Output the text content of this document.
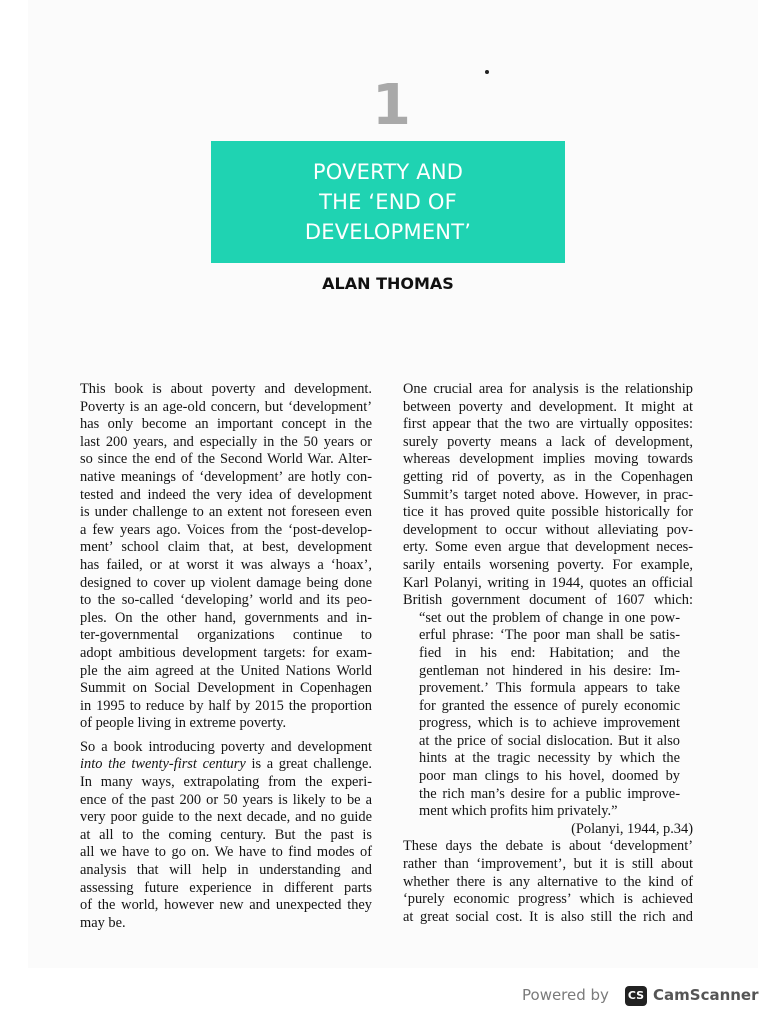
1
POVERTY AND
THE ‘END OF
DEVELOPMENT’
ALAN THOMAS
This book is about poverty and development.
Poverty is an age-old concern, but ‘development’
has only become an important concept in the
last 200 years, and especially in the 50 years or
so since the end of the Second World War. Alter-
native meanings of ‘development’ are hotly con-
tested and indeed the very idea of development
is under challenge to an extent not foreseen even
a few years ago. Voices from the ‘post-develop-
ment’ school claim that, at best, development
has failed, or at worst it was always a ‘hoax’,
designed to cover up violent damage being done
to the so-called ‘developing’ world and its peo-
ples. On the other hand, governments and in-
ter-governmental organizations continue to
adopt ambitious development targets: for exam-
ple the aim agreed at the United Nations World
Summit on Social Development in Copenhagen
in 1995 to reduce by half by 2015 the proportion
of people living in extreme poverty.
So a book introducing poverty and development
into the twenty-first century is a great challenge.
In many ways, extrapolating from the experi-
ence of the past 200 or 50 years is likely to be a
very poor guide to the next decade, and no guide
at all to the coming century. But the past is
all we have to go on. We have to find modes of
analysis that will help in understanding and
assessing future experience in different parts
of the world, however new and unexpected they
may be.
One crucial area for analysis is the relationship
between poverty and development. It might at
first appear that the two are virtually opposites:
surely poverty means a lack of development,
whereas development implies moving towards
getting rid of poverty, as in the Copenhagen
Summit’s target noted above. However, in prac-
tice it has proved quite possible historically for
development to occur without alleviating pov-
erty. Some even argue that development neces-
sarily entails worsening poverty. For example,
Karl Polanyi, writing in 1944, quotes an official
British government document of 1607 which:
“set out the problem of change in one pow-
erful phrase: ‘The poor man shall be satis-
fied in his end: Habitation; and the
gentleman not hindered in his desire: Im-
provement.’ This formula appears to take
for granted the essence of purely economic
progress, which is to achieve improvement
at the price of social dislocation. But it also
hints at the tragic necessity by which the
poor man clings to his hovel, doomed by
the rich man’s desire for a public improve-
ment which profits him privately.”
(Polanyi, 1944, p.34)
These days the debate is about ‘development’
rather than ‘improvement’, but it is still about
whether there is any alternative to the kind of
‘purely economic progress’ which is achieved
at great social cost. It is also still the rich and
Powered by CS CamScanner
